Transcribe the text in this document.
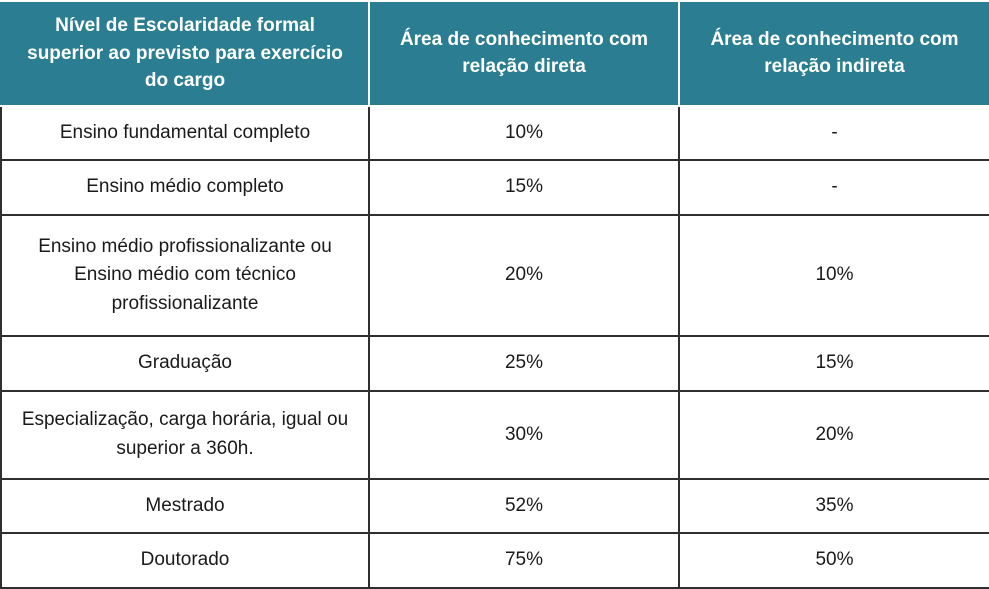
Nível de Escolaridade formal superior ao previsto para exercício do cargo	Área de conhecimento com relação direta	Área de conhecimento com relação indireta
Ensino fundamental completo	10%	-
Ensino médio completo	15%	-
Ensino médio profissionalizante ou Ensino médio com técnico profissionalizante	20%	10%
Graduação	25%	15%
Especialização, carga horária, igual ou superior a 360h.	30%	20%
Mestrado	52%	35%
Doutorado	75%	50%
